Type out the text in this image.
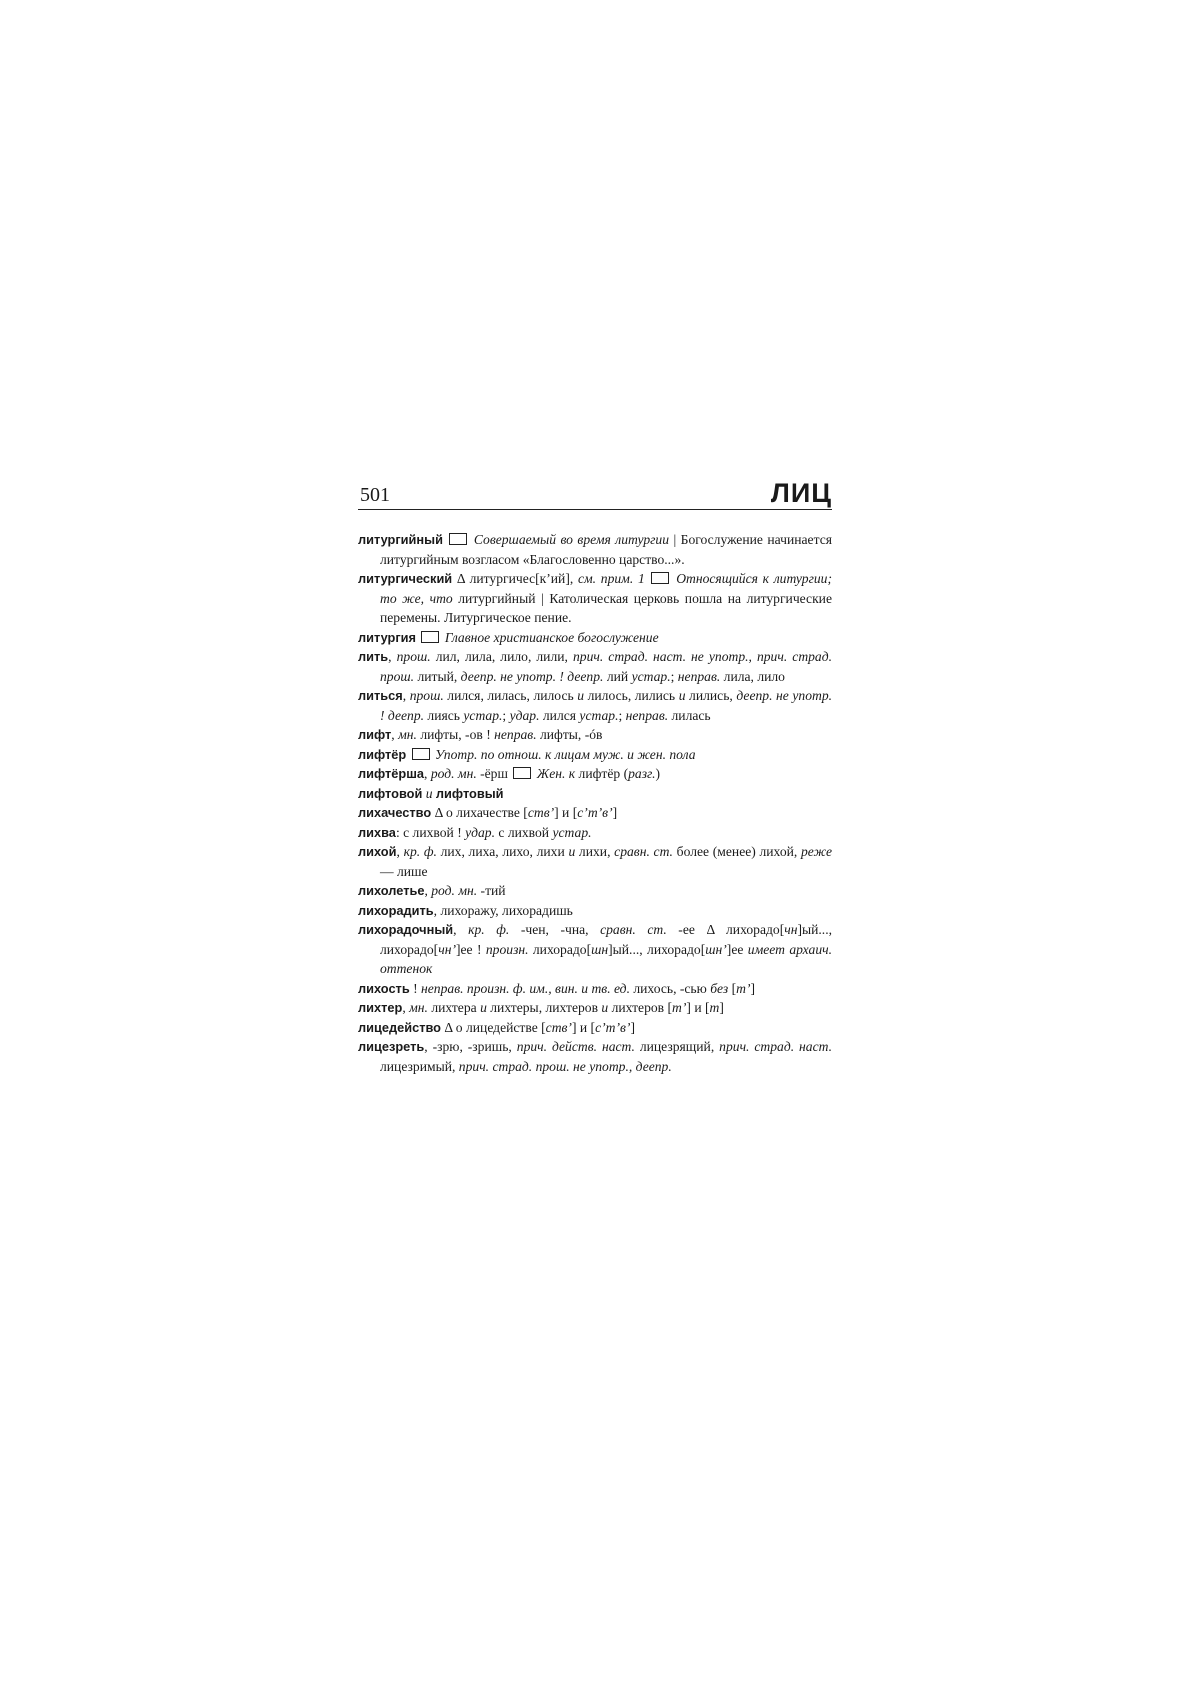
501	ЛИЦ

литургийный  Совершаемый во время литургии | Богослужение начинается литургийным возгласом «Благословенно царство...».

литургический Δ литургичес[к’ий], см. прим. 1  Относящийся к литургии; то же, что литургийный | Католическая церковь пошла на литургические перемены. Литургическое пение.

литургия  Главное христианское богослужение

лить, прош. лил, лила, лило, лили, прич. страд. наст. не употр., прич. страд. прош. литый, деепр. не употр. ! деепр. лий устар.; неправ. лила, лило

литься, прош. лился, лилась, лилось и лилось, лились и лились, деепр. не употр. ! деепр. лиясь устар.; удар. лился устар.; неправ. лилась

лифт, мн. лифты, -ов ! неправ. лифты, -óв

лифтёр  Употр. по отнош. к лицам муж. и жен. пола

лифтёрша, род. мн. -ёрш  Жен. к лифтёр (разг.)

лифтовой и лифтовый

лихачество Δ о лихачестве [ств’] и [с’т’в’]

лихва: с лихвой ! удар. с лихвой устар.

лихой, кр. ф. лих, лиха, лихо, лихи и лихи, сравн. ст. более (менее) лихой, реже — лише

лихолетье, род. мн. -тий

лихорадить, лихоражу, лихорадишь

лихорадочный, кр. ф. -чен, -чна, сравн. ст. -ее Δ лихорадо[чн]ый..., лихорадо[чн’]ее ! произн. лихорадо[шн]ый..., лихорадо[шн’]ее имеет архаич. оттенок

лихость ! неправ. произн. ф. им., вин. и тв. ед. лихось, -сью без [т’]

лихтер, мн. лихтера и лихтеры, лихтеров и лихтеров [т’] и [т]

лицедейство Δ о лицедействе [ств’] и [с’т’в’]

лицезреть, -зрю, -зришь, прич. действ. наст. лицезрящий, прич. страд. наст. лицезримый, прич. страд. прош. не употр., деепр.
